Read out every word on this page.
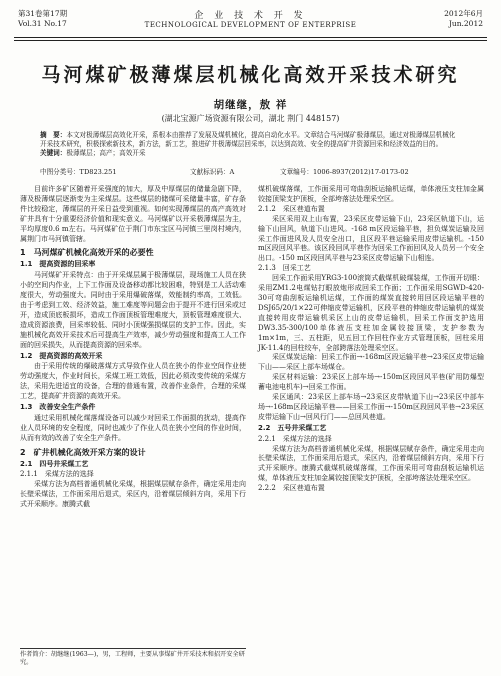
第31卷第17期
Vol.31 No.17
企 业 技 术 开 发
TECHNOLOGICAL DEVELOPMENT OF ENTERPRISE
2012年6月
Jun.2012
马河煤矿极薄煤层机械化高效开采技术研究
胡继继，敖 祥
(湖北宝源广场资源有限公司，湖北 荆门 448157)
摘　要：本文对极薄煤层高效化开采，系根本由推荐了发展及煤机械化，提高自动化水平。文章结合马河煤矿极薄煤层，通过对极薄煤层机械化开采技术研究，积极探索新技术，新方法，新工艺，推进矿井极薄煤层回采率，以达到高效、安全的提高矿井资源回采和经济效益的目的。
关键词：极薄煤层；高产；高效开采
中图分类号：TD823.251	文献标识码：A	文章编号：1006-8937(2012)17-0173-02

目前许多矿区随着开采强度的加大，厚及中厚煤层的储量急剧下降，薄及极薄煤层逐渐变为主采煤层。这些煤层的储煤可采储量丰富，矿存条件比较稳定，薄煤层的开采日益受到重视。如何实现薄煤层的高产高效对矿井具有十分重要经济价值和现实意义。马河煤矿以开采极薄煤层为主，平均厚度0.6 m左右。马河煤矿位于荆门市东宝区马河镇三里岗村境内，属荆门市马河镇管辖。

1　马河煤矿机械化高效开采的必要性
1.1　提高资源的回采率

马河煤矿开采特点：由于开采煤层属于极薄煤层，现场施工人员在狭小的空间内作业，上下工作面及设备移动都比较困难，特别是工人活动难度很大，劳动强度大。同时由于采用爆破落煤，效能制约率高，工效低。由于考虑到工效、经济效益，施工难度等问题会由于提开不进行回采或过开，造成顶底板损坏，造成工作面顶板管理难度大，顶板管理难度很大、造成资源浪费，回采率较低、同时小顶煤强损煤层的支护工作。因此，实施机械化高效开采技术后可提高生产效率，减少劳动强度和提高工人工作面的回采损失，从而提高资源的回采率。

1.2　提高资源的高效开采

由于采用传统的爆破落煤方式导致作业人员在狭小的作业空间作业使劳动强度大，作业时间长，采煤工班工效低，因此必须改变传统的采煤方法，采用先进适宜的设备，合理的普通布置，改善作业条件，合理的采煤工艺，提高矿井资源的高效开采。

1.3　改善安全生产条件

通过采用机械化煤落煤设备可以减少对回采工作面损的扰动，提高作业人员环境的安全程度，同时也减少了作业人员在狭小空间的作业时间，从而有效的改善了安全生产条件。

2　矿井机械化高效开采方案的设计
2.1　四号井采煤工艺
2.1.1　采煤方法的选择

采煤方法为高档普通机械化采煤，根据煤层赋存条件，确定采用走向长壁采煤法，工作面采用后退式，采区内，沿着煤层倾斜方向，采用下行式开采顺序。康腾式截

煤机破煤落煤，工作面采用可弯曲刮板运输机运煤，单体液压支柱加金属铰接顶梁支护顶板，全部垮落法处理采空区。

2.1.2　采区巷道布置

采区采用双上山布置，23采区皮带运输下山，23采区轨道下山，运输下山回风，轨道下山进风。-168 m区段运输平巷，担负煤炭运输及回采工作面进风及人员安全出口，且区段平巷运输采用皮带运输机。-150 m区段回风平巷。该区段回风平巷作为回采工作面回风及人员另一个安全出口。-150 m区段回风平巷与23采区皮带运输下山相连。

2.1.3　回采工艺

回采工作面采用YRG3-100滚筒式截煤机破煤装煤，工作面开切眼：采用ZM1.2电煤钻打眼放炮形成回采工作面；工作面采用SGWD-420-30可弯曲刮板运输机运煤，工作面的煤炭直接转用回区段运输平巷的DSJ65/20/1×22可伸缩皮带运输机，区段平巷的伸缩皮带运输机的煤炭直接转用皮带运输机采区上山的皮带运输机，回采工作面支护选用DW3.35-300/100单体液压支柱加金属铰接顶梁，支护参数为1m×1m，三、五柱距，见五回工作回柱作业方式管理顶板，回柱采用JK-11.4的回柱绞车，全部跨落法处理采空区。

采区煤炭运输：回采工作面→-168m区段运输平巷→23采区皮带运输下山——采区上部车场煤仓。

采区材料运输：23采区上部车场→-150m区段回风平巷(矿用防爆型蓄电池电机车)→回采工作面。

采区通风：23采区上部车场→23采区皮带轨道下山→23采区中部车场→-168m区段运输平巷——回采工作面→-150m区段回风平巷→23采区皮带运输下山→回风行门——总回风巷道。

2.2　五号井采煤工艺
2.2.1　采煤方法的选择

采煤方法为高档普通机械化采煤，根据煤层赋存条件，确定采用走向长壁采煤法，工作面采用后退式，采区内，沿着煤层倾斜方向，采用下行式开采顺序。康腾式截煤机破煤落煤，工作面采用可弯曲刮板运输机运煤，单体液压支柱加金属铰接顶梁支护顶板，全部垮落法处理采空区。

2.2.2　采区巷道布置
作者简介：胡继继(1963—)，男，工程师，主要从事煤矿井开采技术和招开安全研究。
